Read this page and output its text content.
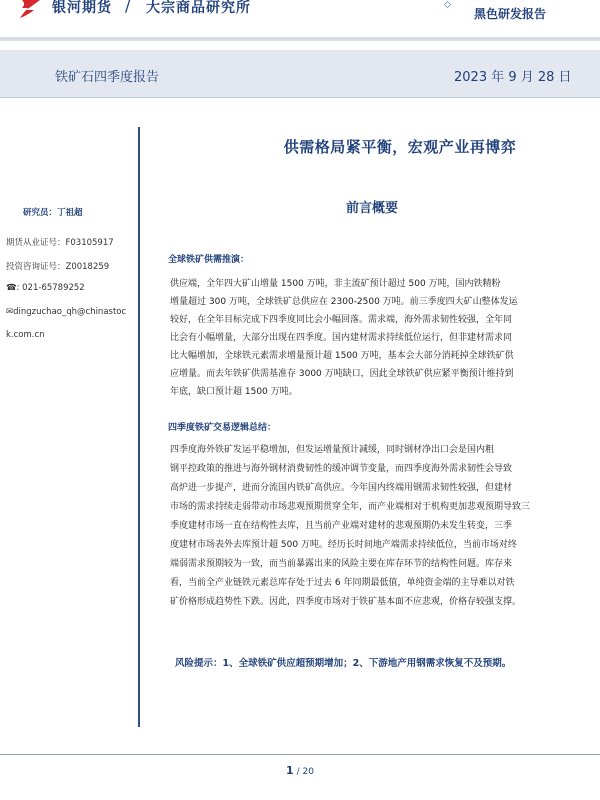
银河期货 / 大宗商品研究所	◇
黑色研发报告
铁矿石四季度报告	2023 年 9 月 28 日
供需格局紧平衡，宏观产业再博弈
前言概要
研究员：丁祖超
期货从业证号：F03105917
投资咨询证号：Z0018259
☎: 021-65789252
✉dingzuchao_qh@chinastoc
k.com.cn
全球铁矿供需推演：
供应端，全年四大矿山增量 1500 万吨，非主流矿预计超过 500 万吨，国内铁精粉
增量超过 300 万吨，全球铁矿总供应在 2300-2500 万吨。前三季度四大矿山整体发运
较好，在全年目标完成下四季度同比会小幅回落。需求端，海外需求韧性较强，全年同
比会有小幅增量，大部分出现在四季度。国内建材需求持续低位运行，但非建材需求同
比大幅增加，全球铁元素需求增量预计超 1500 万吨，基本会大部分消耗掉全球铁矿供
应增量。而去年铁矿供需基准存 3000 万吨缺口，因此全球铁矿供应紧平衡预计维持到
年底，缺口预计超 1500 万吨。
四季度铁矿交易逻辑总结：
四季度海外铁矿发运平稳增加，但发运增量预计减缓，同时钢材净出口会是国内粗
钢平控政策的推进与海外钢材消费韧性的缓冲调节变量，而四季度海外需求韧性会导致
高炉进一步提产，进而分流国内铁矿高供应。今年国内终端用钢需求韧性较强，但建材
市场的需求持续走弱带动市场悲观预期贯穿全年，而产业端相对于机构更加悲观预期导致三
季度建材市场一直在结构性去库，且当前产业端对建材的悲观预期仍未发生转变，三季
度建材市场表外去库预计超 500 万吨。经历长时间地产端需求持续低位，当前市场对终
端弱需求预期较为一致，而当前暴露出来的风险主要在库存环节的结构性问题。库存来
看，当前全产业链铁元素总库存处于过去 6 年同期最低值，单纯资金端的主导难以对铁
矿价格形成趋势性下跌。因此，四季度市场对于铁矿基本面不应悲观，价格存较强支撑。
风险提示：1、全球铁矿供应超预期增加；2、下游地产用钢需求恢复不及预期。
1 / 20
